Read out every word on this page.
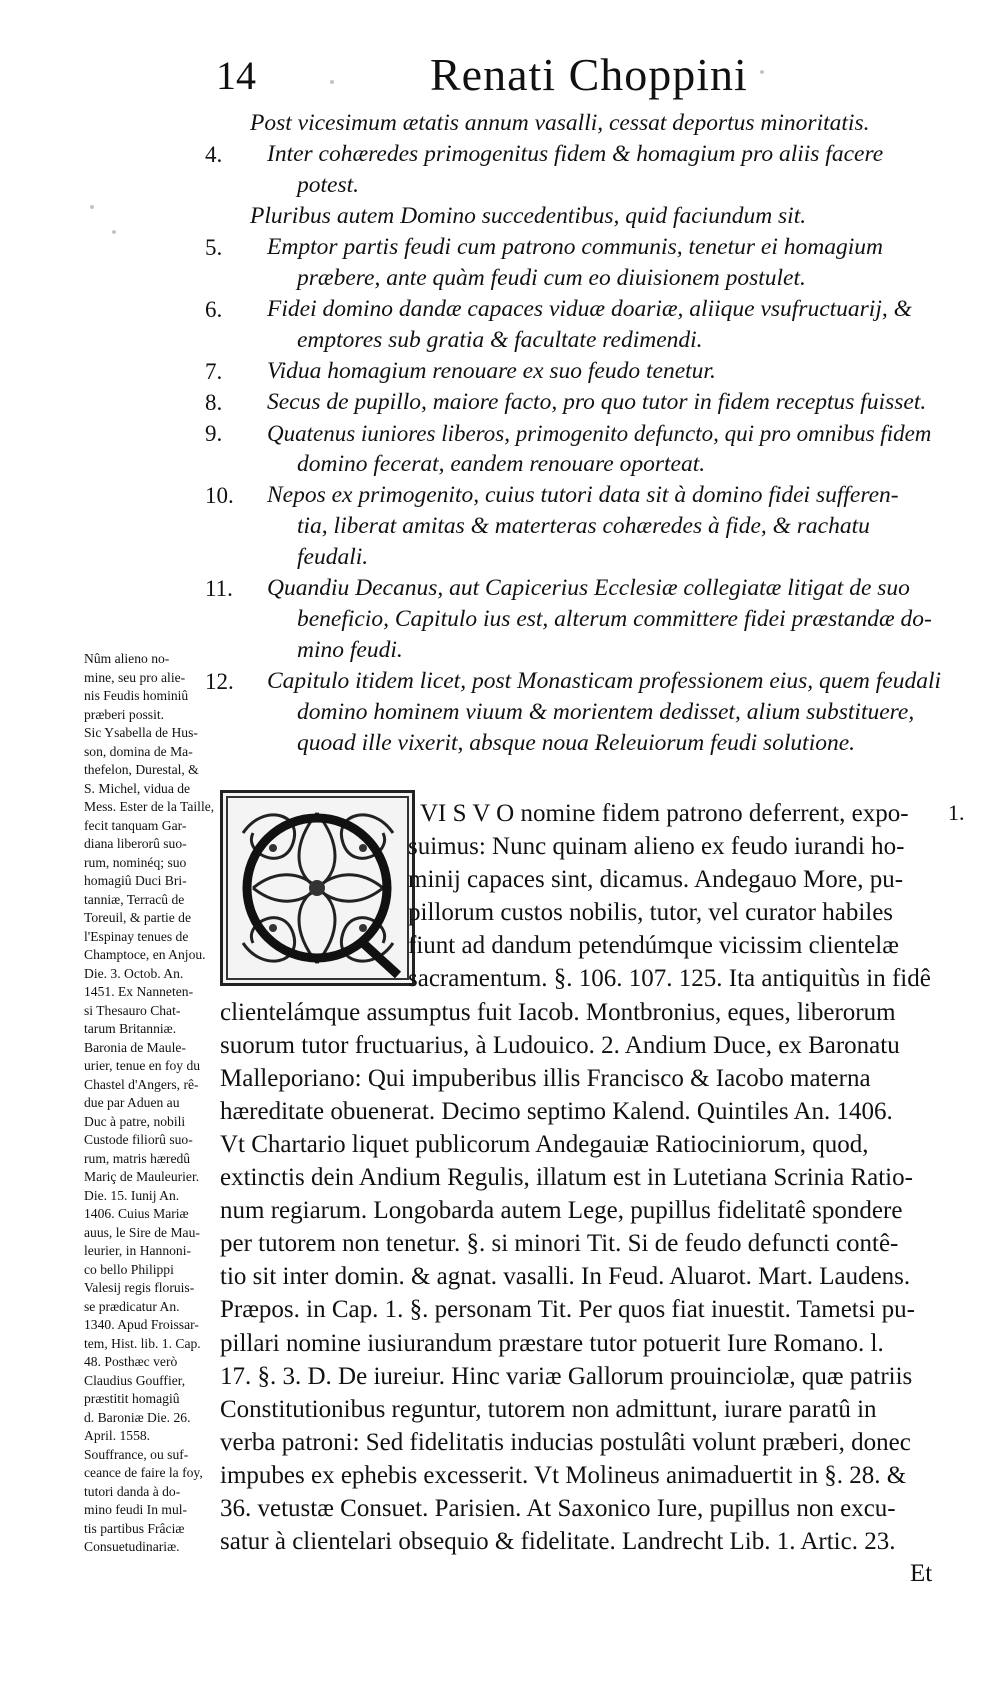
14	Renati Choppini
Post vicesimum ætatis annum vasalli, cessat deportus minoritatis.
4. Inter cohæredes primogenitus fidem & homagium pro aliis facere
potest.
Pluribus autem Domino succedentibus, quid faciundum sit.
5. Emptor partis feudi cum patrono communis, tenetur ei homagium
præbere, ante quàm feudi cum eo diuisionem postulet.
6. Fidei domino dandæ capaces viduæ doariæ, aliique vsufructuarij, &
emptores sub gratia & facultate redimendi.
7. Vidua homagium renouare ex suo feudo tenetur.
8. Secus de pupillo, maiore facto, pro quo tutor in fidem receptus fuisset.
9. Quatenus iuniores liberos, primogenito defuncto, qui pro omnibus fidem
domino fecerat, eandem renouare oporteat.
10. Nepos ex primogenito, cuius tutori data sit à domino fidei sufferen-
tia, liberat amitas & materteras cohæredes à fide, & rachatu
feudali.
11. Quandiu Decanus, aut Capicerius Ecclesiæ collegiatæ litigat de suo
beneficio, Capitulo ius est, alterum committere fidei præstandæ do-
mino feudi.
12. Capitulo itidem licet, post Monasticam professionem eius, quem feudali
domino hominem viuum & morientem dedisset, alium substituere,
quoad ille vixerit, absque noua Releuiorum feudi solutione.
Nûm alieno no-
mine, seu pro alie-
nis Feudis hominiû
præberi possit.
Sic Ysabella de Hus-
son, domina de Ma-
thefelon, Durestal, &
S. Michel, vidua de
Mess. Ester de la Taille,
fecit tanquam Gar-
diana liberorû suo-
rum, nominéq; suo
homagiû Duci Bri-
tanniæ, Terracû de
Toreuil, & partie de
l'Espinay tenues de
Champtoce, en Anjou.
Die. 3. Octob. An.
1451. Ex Nanneten-
si Thesauro Chat-
tarum Britanniæ.
Baronia de Maule-
urier, tenue en foy du
Chastel d'Angers, rê-
due par Aduen au
Duc à patre, nobili
Custode filiorû suo-
rum, matris hæredû
Mariç de Mauleurier.
Die. 15. Iunij An.
1406. Cuius Mariæ
auus, le Sire de Mau-
leurier, in Hannoni-
co bello Philippi
Valesij regis floruis-
se prædicatur An.
1340. Apud Froissar-
tem, Hist. lib. 1. Cap.
48. Posthæc verò
Claudius Gouffier,
præstitit homagiû
d. Baroniæ Die. 26.
April. 1558.
Souffrance, ou suf-
ceance de faire la foy,
tutori danda à do-
mino feudi In mul-
tis partibus Frâciæ
Consuetudinariæ.
VI S V O nomine fidem patrono deferrent, expo-
suimus: Nunc quinam alieno ex feudo iurandi ho-
minij capaces sint, dicamus. Andegauo More, pu-
pillorum custos nobilis, tutor, vel curator habiles
fiunt ad dandum petendúmque vicissim clientelæ
sacramentum. §. 106. 107. 125. Ita antiquitùs in fidê
clientelámque assumptus fuit Iacob. Montbronius, eques, liberorum
suorum tutor fructuarius, à Ludouico. 2. Andium Duce, ex Baronatu
Malleporiano: Qui impuberibus illis Francisco & Iacobo materna
hæreditate obuenerat. Decimo septimo Kalend. Quintiles An. 1406.
Vt Chartario liquet publicorum Andegauiæ Ratiociniorum, quod,
extinctis dein Andium Regulis, illatum est in Lutetiana Scrinia Ratio-
num regiarum. Longobarda autem Lege, pupillus fidelitatê spondere
per tutorem non tenetur. §. si minori Tit. Si de feudo defuncti contê-
tio sit inter domin. & agnat. vasalli. In Feud. Aluarot. Mart. Laudens.
Præpos. in Cap. 1. §. personam Tit. Per quos fiat inuestit. Tametsi pu-
pillari nomine iusiurandum præstare tutor potuerit Iure Romano. l.
17. §. 3. D. De iureiur. Hinc variæ Gallorum prouinciolæ, quæ patriis
Constitutionibus reguntur, tutorem non admittunt, iurare paratû in
verba patroni: Sed fidelitatis inducias postulâti volunt præberi, donec
impubes ex ephebis excesserit. Vt Molineus animaduertit in §. 28. &
36. vetustæ Consuet. Parisien. At Saxonico Iure, pupillus non excu-
satur à clientelari obsequio & fidelitate. Landrecht Lib. 1. Artic. 23.
1.
Et
